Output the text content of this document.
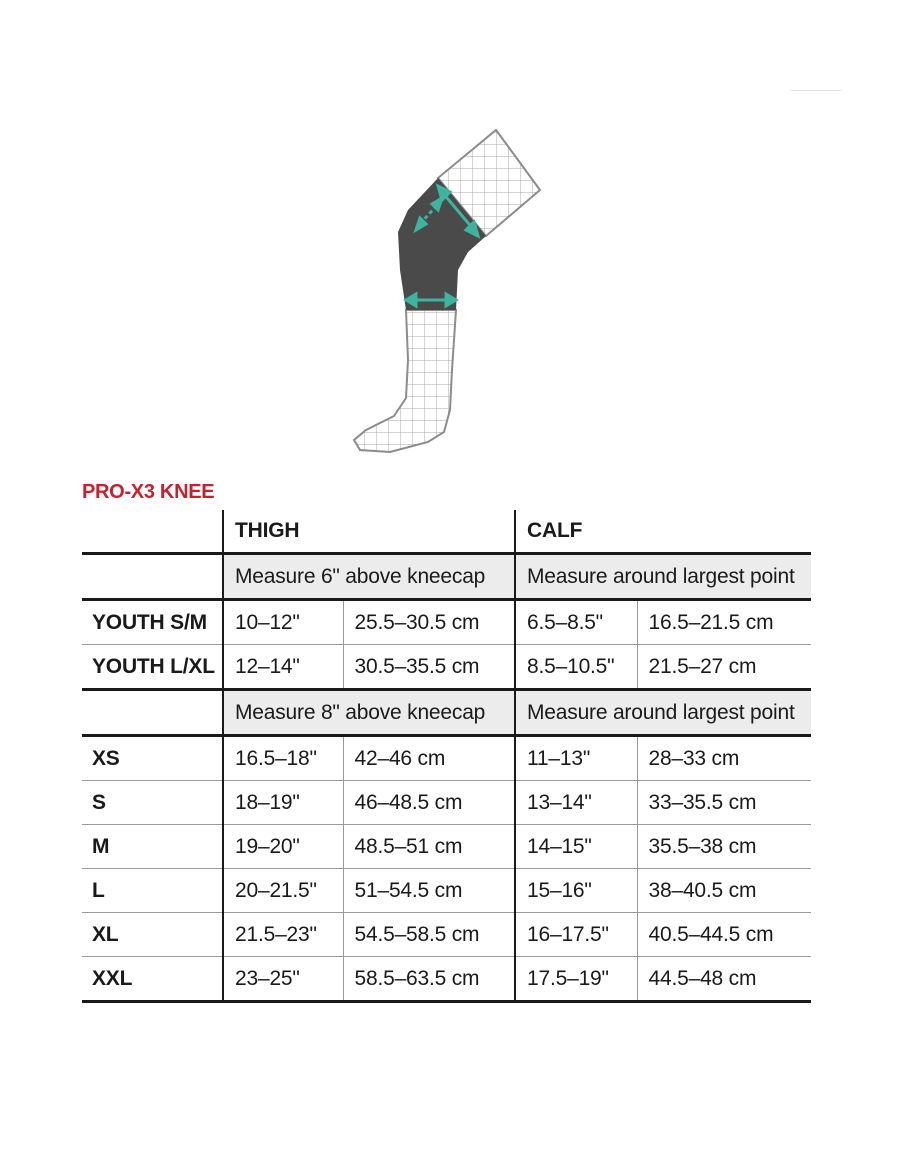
PRO-X3 KNEE
	THIGH		CALF	
	Measure 6" above kneecap		Measure around largest point	
YOUTH S/M	10–12"	25.5–30.5 cm	6.5–8.5"	16.5–21.5 cm
YOUTH L/XL	12–14"	30.5–35.5 cm	8.5–10.5"	21.5–27 cm
	Measure 8" above kneecap		Measure around largest point	
XS	16.5–18"	42–46 cm	11–13"	28–33 cm
S	18–19"	46–48.5 cm	13–14"	33–35.5 cm
M	19–20"	48.5–51 cm	14–15"	35.5–38 cm
L	20–21.5"	51–54.5 cm	15–16"	38–40.5 cm
XL	21.5–23"	54.5–58.5 cm	16–17.5"	40.5–44.5 cm
XXL	23–25"	58.5–63.5 cm	17.5–19"	44.5–48 cm
